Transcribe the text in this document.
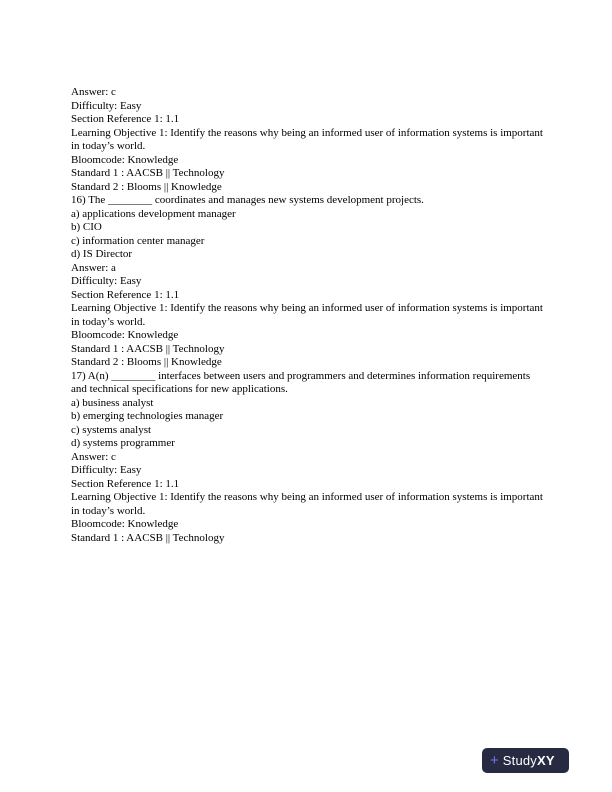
Answer: c

Difficulty: Easy

Section Reference 1: 1.1

Learning Objective 1: Identify the reasons why being an informed user of information systems is important in today’s world.

Bloomcode: Knowledge

Standard 1 : AACSB || Technology

Standard 2 : Blooms || Knowledge

16) The ________ coordinates and manages new systems development projects.

a) applications development manager

b) CIO

c) information center manager

d) IS Director

Answer: a

Difficulty: Easy

Section Reference 1: 1.1

Learning Objective 1: Identify the reasons why being an informed user of information systems is important in today’s world.

Bloomcode: Knowledge

Standard 1 : AACSB || Technology

Standard 2 : Blooms || Knowledge

17) A(n) ________ interfaces between users and programmers and determines information requirements and technical specifications for new applications.

a) business analyst

b) emerging technologies manager

c) systems analyst

d) systems programmer

Answer: c

Difficulty: Easy

Section Reference 1: 1.1

Learning Objective 1: Identify the reasons why being an informed user of information systems is important in today’s world.

Bloomcode: Knowledge

Standard 1 : AACSB || Technology

+ StudyXY
